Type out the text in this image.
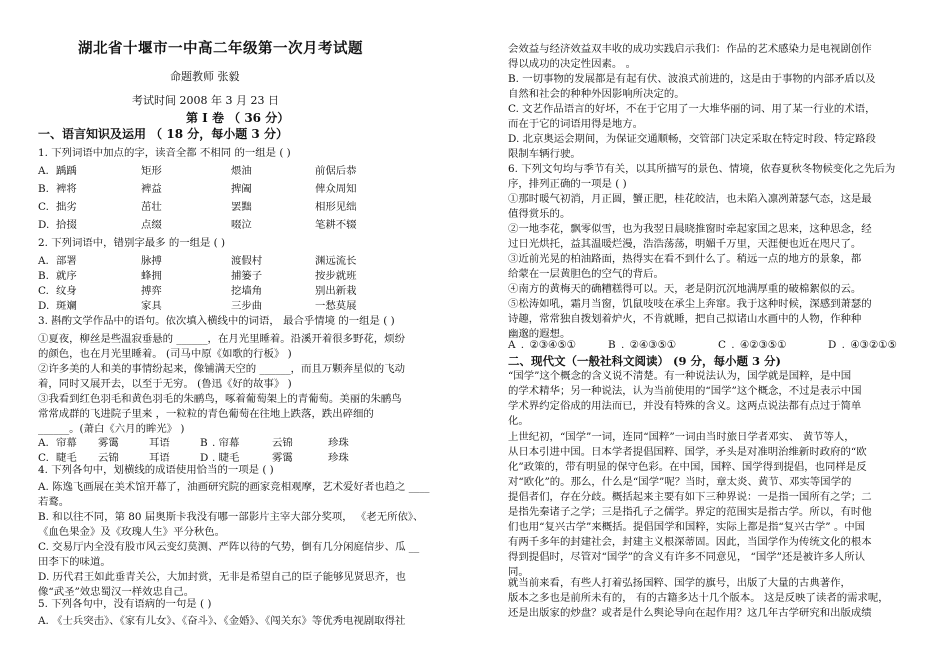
湖北省十堰市一中高二年级第一次月考试题
命题教师 张毅
考试时间 2008 年 3 月 23 日
第 I 卷 （ 36 分）
一、语言知识及运用 （ 18 分，每小题 3 分）
1. 下列词语中加点的字，读音全都 不相同 的一组是 ( )
A. 踽踽	矩形	煨油	前倨后恭
B. 裨将	裨益	捭阖	俾众周知
C. 拙劣	茁壮	罢黜	相形见绌
D. 拾掇	点缀	啜泣	笔耕不辍
2. 下列词语中，错别字最多 的一组是 ( )
A. 部署	脉搏	渡假村	渊远流长
B. 就序	蜂拥	捕篓子	按步就班
C. 纹身	搏弈	挖墙角	别出新栽
D. 斑斓	家具	三步曲	一愁莫展
3. 斟酌文学作品中的语句。依次填入横线中的词语， 最合乎情境 的一组是 ( )
①夏夜，柳丝是些温寂垂悬的 ______，在月光里睡着。沿溪开着很多野花，烦纷
的颜色，也在月光里睡着。 (司马中原《如歌的行板》 )
②许多美的人和美的事情纷起来，像铺满天空的 ______，而且万颗奔星似的飞动
着，同时又展开去，以至于无穷。 (鲁迅《好的故事》 )
③我看到红色羽毛和黄色羽毛的朱鹂鸟，啄着葡萄架上的青葡萄。美丽的朱鹂鸟
常常成群的飞进院子里来 ，一粒粒的青色葡萄在往地上跌落，跌出碎细的
______。(萧白《六月的眸光》 )
A. 帘幕 雾霭	耳语	B . 帘幕	云锦	珍珠
C. 睫毛 云锦	耳语	D . 睫毛	雾霭	珍珠
4. 下列各句中，划横线的成语使用恰当的一项是 ( )
A. 陈逸飞画展在美术馆开幕了，油画研究院的画家竞相观摩，艺术爱好者也趋之 ____
若鹜。
B. 和以往不同，第 80 届奥斯卡我没有哪一部影片主宰大部分奖项， 《老无所依》、
《血色果金》及《玫瑰人生》平分秋色。
C. 交易厅内全没有股市风云变幻莫测、严阵以待的气势，倒有几分闲庭信步、瓜 __
田李下的味道。
D. 历代君王如此垂青关公，大加封赏，无非是希望自己的臣子能够见贤思齐，也
像“武圣”效忠蜀汉一样效忠自己。
5. 下列各句中，没有语病的一句是 ( )
A. 《士兵突击》、《家有儿女》、《奋斗》、《金婚》、《闯关东》等优秀电视剧取得社
会效益与经济效益双丰收的成功实践启示我们：作品的艺术感染力是电视剧创作
得以成功的决定性因素。 。
B. 一切事物的发展都是有起有伏、波浪式前进的，这是由于事物的内部矛盾以及
自然和社会的种种外因影响所决定的。
C. 文艺作品语言的好坏，不在于它用了一大堆华丽的词、用了某一行业的术语，
而在于它的词语用得是地方。
D. 北京奥运会期间，为保证交通顺畅，交管部门决定采取在特定时段、特定路段
限制车辆行驶。
6. 下列文句均与季节有关，以其所描写的景色、情境，依春夏秋冬物候变化之先后为
序，排列正确的一项是 ( )
①那时暖气初消，月正圆，蟹正肥，桂花皎洁，也未陷入凛冽萧瑟气态，这是最
值得赏乐的。
②一地李花，飘零似雪，也为我翌日晨晓推窗时牵起家国之思来，这种思念，经
过日光烘托，益其温暖烂漫，浩浩荡荡，明媚千万里，天涯便也近在咫尺了。
③近前光晃的柏油路面，热得实在看不到什么了。稍远一点的地方的景象，都
给蒙在一层黄胆色的空气的背后。
④南方的黄梅天的确糟糕得可以。天，老是阴沉沉地满厚重的破棉絮似的云。
⑤松涛如吼，霜月当窗，饥鼠吱吱在承尘上奔窜。我于这种时候，深感到萧瑟的
诗趣，常常独自拨划着炉火，不肯就睡，把自己拟诸山水画中的人物，作种种
幽邈的遐想。
A . ②③④⑤①	B . ②④③⑤①	C . ④②③⑤①	D . ④③②①⑤
二、现代文（一般社科文阅读） (9 分，每小题 3 分)
“国学”这个概念的含义说不清楚。有一种说法认为，国学就是国粹，是中国
的学术精华；另一种说法，认为当前使用的“国学”这个概念，不过是表示中国
学术界约定俗成的用法而已，并没有特殊的含义。这两点说法都有点过于简单
化。
上世纪初，“国学”一词，连同“国粹”一词由当时旅日学者邓实、 黄节等人，
从日本引进中国。日本学者提倡国粹、国学，矛头是对准明治维新时政府的“欧
化”政策的，带有明显的保守色彩。在中国，国粹、国学得到提倡，也同样是反
对“欧化”的。那么，什么是“国学”呢？当时，章太炎、黄节、邓实等国学的
提倡者们，存在分歧。概括起来主要有如下三种界说：一是指一国所有之学；二
是指先秦诸子之学；三是指孔子之儒学。界定的范围实是指古学。所以，有时他
们也用“复兴古学”来概括。提倡国学和国粹，实际上都是指“复兴古学” 。中国
有两千多年的封建社会，封建主义根深蒂固。因此，当国学作为传统文化的根本
得到提倡时，尽管对“国学”的含义有许多不同意见， “国学”还是被许多人所认
同。
就当前来看，有些人打着弘扬国粹、国学的旗号，出版了大量的古典著作，
版本之多也是前所未有的， 有的古籍多达十几个版本。 这是反映了读者的需求呢，
还是出版家的炒盘？或者是什么舆论导向在起作用？这几年古学研究和出版成绩
